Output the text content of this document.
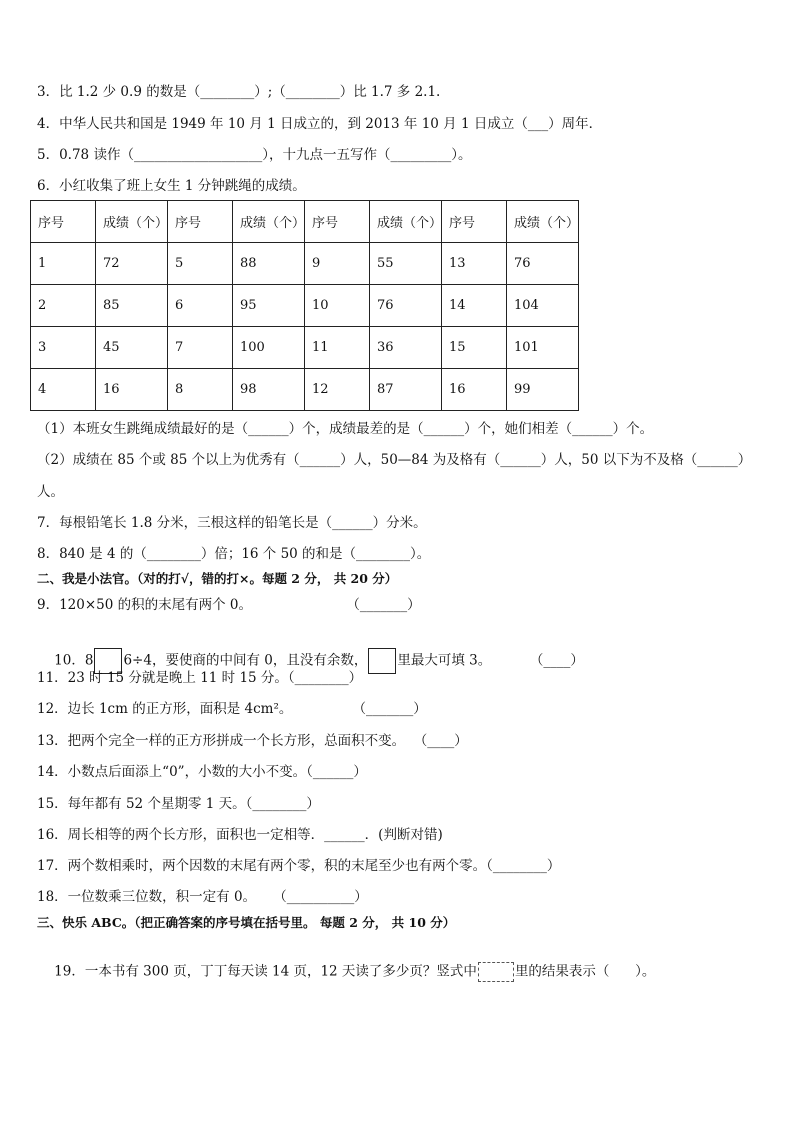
3．比 1.2 少 0.9 的数是（________）;（________）比 1.7 多 2.1.
4．中华人民共和国是 1949 年 10 月 1 日成立的，到 2013 年 10 月 1 日成立（___）周年．
5．0.78 读作（___________________），十九点一五写作（_________）。
6．小红收集了班上女生 1 分钟跳绳的成绩。
序号	成绩（个）	序号	成绩（个）	序号	成绩（个）	序号	成绩（个）
1	72	5	88	9	55	13	76
2	85	6	95	10	76	14	104
3	45	7	100	11	36	15	101
4	16	8	98	12	87	16	99
（1）本班女生跳绳成绩最好的是（______）个，成绩最差的是（______）个，她们相差（______）个。
（2）成绩在 85 个或 85 个以上为优秀有（______）人，50—84 为及格有（______）人，50 以下为不及格（______）
人。
7．每根铅笔长 1.8 分米，三根这样的铅笔长是（______）分米。
8．840 是 4 的（________）倍；16 个 50 的和是（________）。
二、我是小法官。（对的打√，错的打×。每题 2 分， 共 20 分）
9．120×50 的积的末尾有两个 0。                      （_______）

10．8 6÷4，要使商的中间有 0，且没有余数， 里最大可填 3。         （____）

11．23 时 15 分就是晚上 11 时 15 分。（________）
12．边长 1cm 的正方形，面积是 4cm²。              （_______）
13．把两个完全一样的正方形拼成一个长方形，总面积不变。  （____）
14．小数点后面添上“0”，小数的大小不变。（______）
15．每年都有 52 个星期零 1 天。（________）
16．周长相等的两个长方形，面积也一定相等．______．(判断对错)
17．两个数相乘时，两个因数的末尾有两个零，积的末尾至少也有两个零。（________）
18．一位数乘三位数，积一定有 0。    （__________）
三、快乐 ABC。（把正确答案的序号填在括号里。 每题 2 分， 共 10 分）

19．一本书有 300 页，丁丁每天读 14 页，12 天读了多少页？竖式中	里的结果表示（      ）。
